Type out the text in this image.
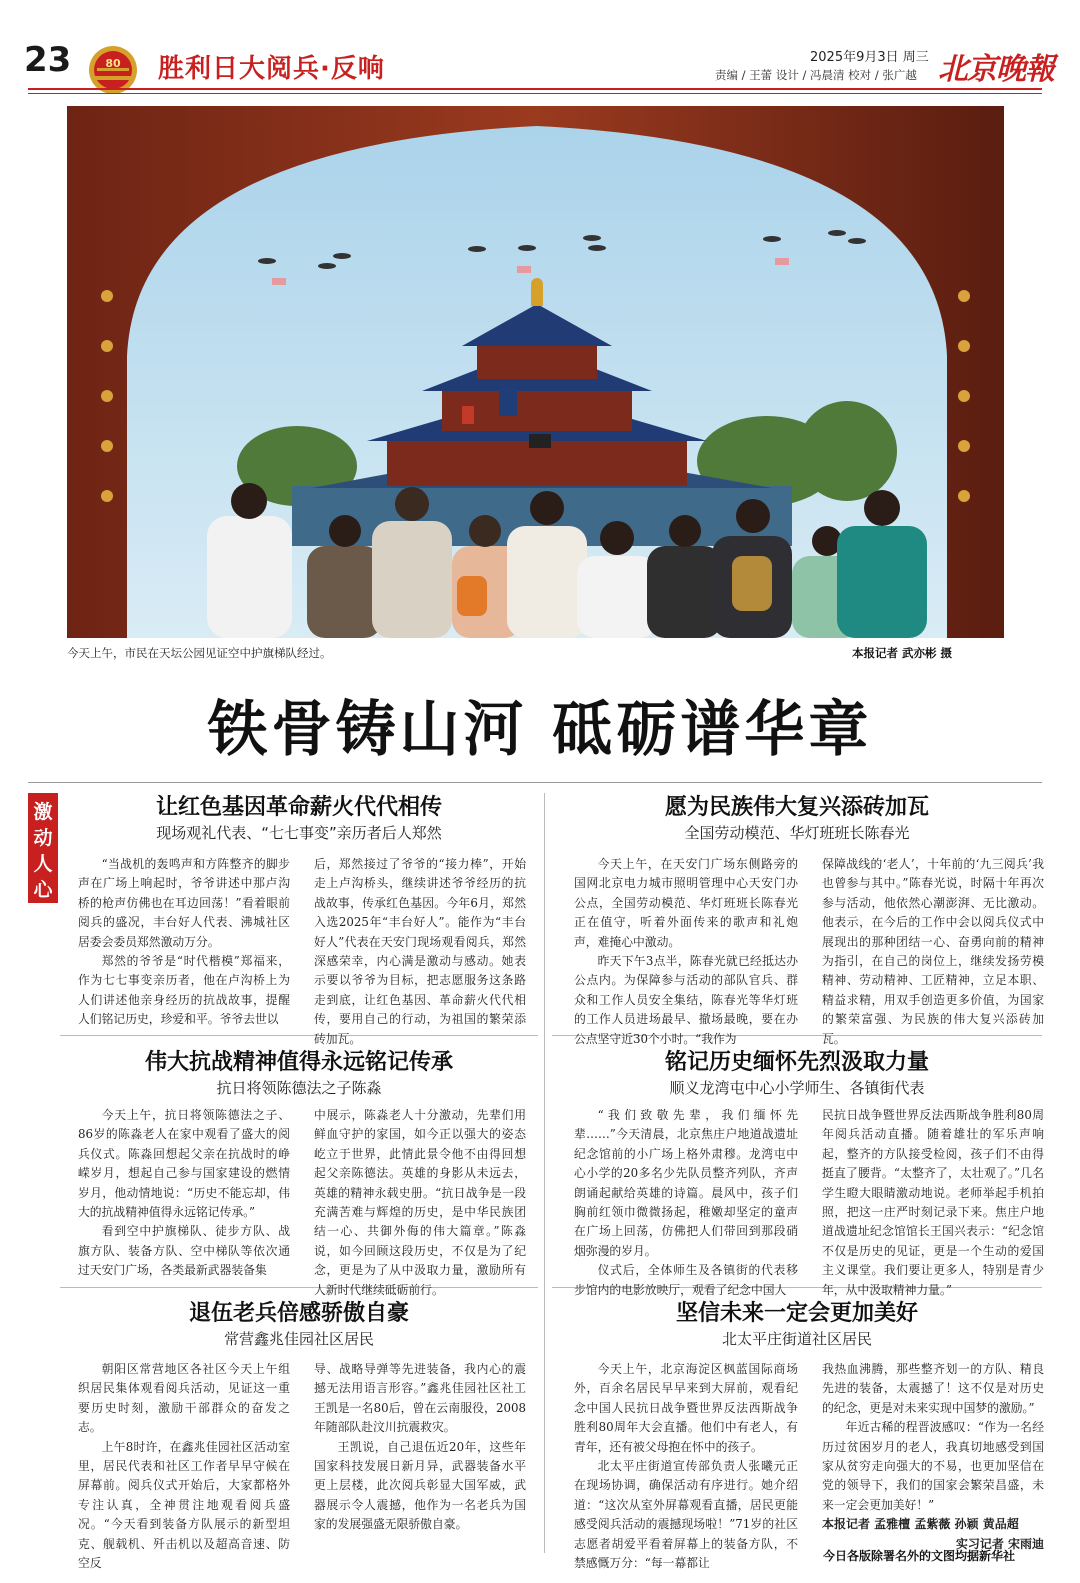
23	80 胜利日大阅兵·反响	2025年9月3日 周三
责编 / 王蕾 设计 / 冯晨清 校对 / 张广越 北京晚報
今天上午，市民在天坛公园见证空中护旗梯队经过。	本报记者 武亦彬 摄
铁骨铸山河 砥砺谱华章
激动人心
让红色基因革命薪火代代相传
现场观礼代表、“七七事变”亲历者后人郑然

“当战机的轰鸣声和方阵整齐的脚步声在广场上响起时，爷爷讲述中那卢沟桥的枪声仿佛也在耳边回荡！”看着眼前阅兵的盛况，丰台好人代表、沸城社区居委会委员郑然激动万分。

郑然的爷爷是“时代楷模”郑福来，作为七七事变亲历者，他在卢沟桥上为人们讲述他亲身经历的抗战故事，提醒人们铭记历史，珍爱和平。爷爷去世以

后，郑然接过了爷爷的“接力棒”，开始走上卢沟桥头，继续讲述爷爷经历的抗战故事，传承红色基因。今年6月，郑然入选2025年“丰台好人”。能作为“丰台好人”代表在天安门现场观看阅兵，郑然深感荣幸，内心满是激动与感动。她表示要以爷爷为目标，把志愿服务这条路走到底，让红色基因、革命薪火代代相传，要用自己的行动，为祖国的繁荣添砖加瓦。

愿为民族伟大复兴添砖加瓦
全国劳动模范、华灯班班长陈春光

今天上午，在天安门广场东侧路旁的国网北京电力城市照明管理中心天安门办公点，全国劳动模范、华灯班班长陈春光正在值守，听着外面传来的歌声和礼炮声，难掩心中激动。

昨天下午3点半，陈春光就已经抵达办公点内。为保障参与活动的部队官兵、群众和工作人员安全集结，陈春光等华灯班的工作人员进场最早、撤场最晚，要在办公点坚守近30个小时。“我作为

保障战线的‘老人’，十年前的‘九三阅兵’我也曾参与其中。”陈春光说，时隔十年再次参与活动，他依然心潮澎湃、无比激动。他表示，在今后的工作中会以阅兵仪式中展现出的那种团结一心、奋勇向前的精神为指引，在自己的岗位上，继续发扬劳模精神、劳动精神、工匠精神，立足本职、精益求精，用双手创造更多价值，为国家的繁荣富强、为民族的伟大复兴添砖加瓦。

伟大抗战精神值得永远铭记传承
抗日将领陈德法之子陈淼

今天上午，抗日将领陈德法之子、86岁的陈淼老人在家中观看了盛大的阅兵仪式。陈淼回想起父亲在抗战时的峥嵘岁月，想起自己参与国家建设的燃情岁月，他动情地说：“历史不能忘却，伟大的抗战精神值得永远铭记传承。”

看到空中护旗梯队、徒步方队、战旗方队、装备方队、空中梯队等依次通过天安门广场，各类最新武器装备集

中展示，陈淼老人十分激动，先辈们用鲜血守护的家国，如今正以强大的姿态屹立于世界，此情此景令他不由得回想起父亲陈德法。英雄的身影从未远去，英雄的精神永载史册。“抗日战争是一段充满苦难与辉煌的历史，是中华民族团结一心、共御外侮的伟大篇章。”陈淼说，如今回顾这段历史，不仅是为了纪念，更是为了从中汲取力量，激励所有人新时代继续砥砺前行。

铭记历史缅怀先烈汲取力量
顺义龙湾屯中心小学师生、各镇街代表

“我们致敬先辈，我们缅怀先辈……”今天清晨，北京焦庄户地道战遗址纪念馆前的小广场上格外肃穆。龙湾屯中心小学的20多名少先队员整齐列队，齐声朗诵起献给英雄的诗篇。晨风中，孩子们胸前红领巾微微扬起，稚嫩却坚定的童声在广场上回荡，仿佛把人们带回到那段硝烟弥漫的岁月。

仪式后，全体师生及各镇街的代表移步馆内的电影放映厅，观看了纪念中国人

民抗日战争暨世界反法西斯战争胜利80周年阅兵活动直播。随着雄壮的军乐声响起，整齐的方队接受检阅，孩子们不由得挺直了腰背。“太整齐了，太壮观了。”几名学生瞪大眼睛激动地说。老师举起手机拍照，把这一庄严时刻记录下来。焦庄户地道战遗址纪念馆馆长王国兴表示：“纪念馆不仅是历史的见证，更是一个生动的爱国主义课堂。我们要让更多人，特别是青少年，从中汲取精神力量。”

退伍老兵倍感骄傲自豪
常营鑫兆佳园社区居民

朝阳区常营地区各社区今天上午组织居民集体观看阅兵活动，见证这一重要历史时刻，激励干部群众的奋发之志。

上午8时许，在鑫兆佳园社区活动室里，居民代表和社区工作者早早守候在屏幕前。阅兵仪式开始后，大家都格外专注认真，全神贯注地观看阅兵盛况。“今天看到装备方队展示的新型坦克、舰载机、歼击机以及超高音速、防空反

导、战略导弹等先进装备，我内心的震撼无法用语言形容。”鑫兆佳园社区社工王凯是一名80后，曾在云南服役，2008年随部队赴汶川抗震救灾。

王凯说，自己退伍近20年，这些年国家科技发展日新月异，武器装备水平更上层楼，此次阅兵彰显大国军威，武器展示令人震撼，他作为一名老兵为国家的发展强盛无限骄傲自豪。

坚信未来一定会更加美好
北太平庄街道社区居民

今天上午，北京海淀区枫蓝国际商场外，百余名居民早早来到大屏前，观看纪念中国人民抗日战争暨世界反法西斯战争胜利80周年大会直播。他们中有老人，有青年，还有被父母抱在怀中的孩子。

北太平庄街道宣传部负责人张曦元正在现场协调，确保活动有序进行。她介绍道：“这次从室外屏幕观看直播，居民更能感受阅兵活动的震撼现场啦！”71岁的社区志愿者胡爱平看着屏幕上的装备方队，不禁感慨万分：“每一幕都让

我热血沸腾，那些整齐划一的方队、精良先进的装备，太震撼了！这不仅是对历史的纪念，更是对未来实现中国梦的激励。”

年近古稀的程晋波感叹：“作为一名经历过贫困岁月的老人，我真切地感受到国家从贫穷走向强大的不易，也更加坚信在党的领导下，我们的国家会繁荣昌盛，未来一定会更加美好！”

本报记者 孟雅檀 孟紫薇 孙颖 黄品超

实习记者 宋雨迪

今日各版除署名外的文图均据新华社
